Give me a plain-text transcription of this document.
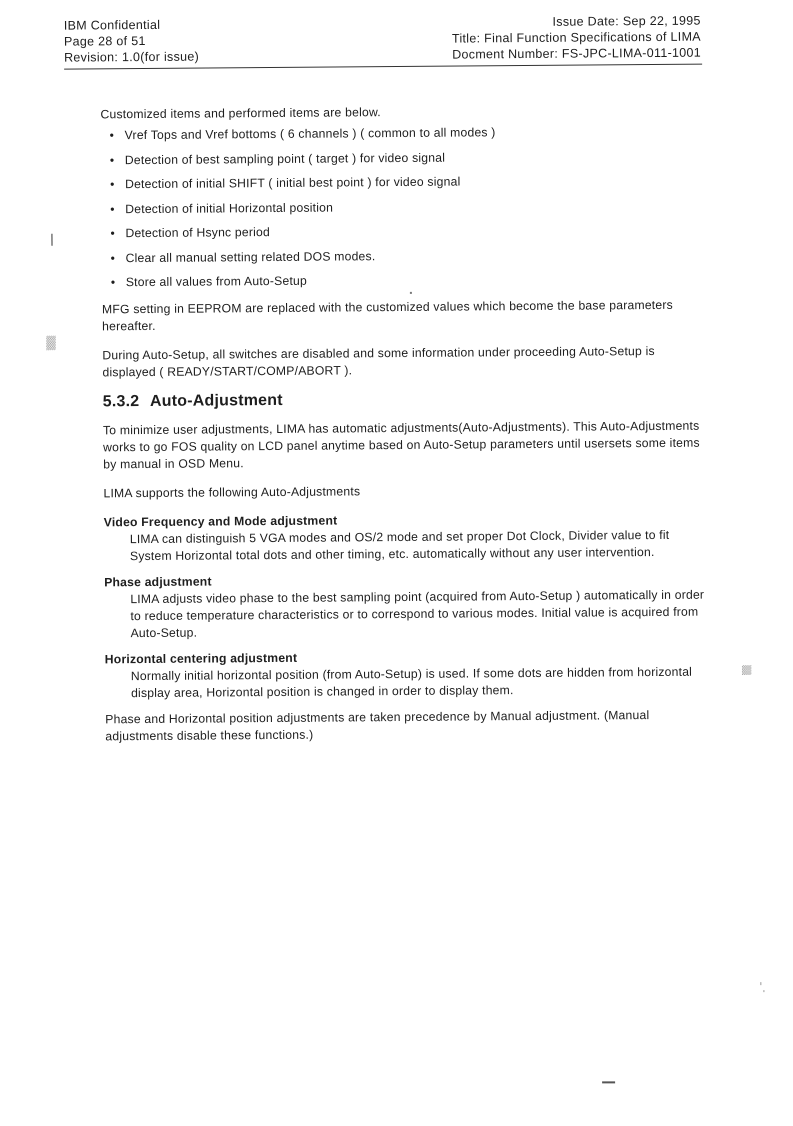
IBM Confidential
Page 28 of 51
Revision: 1.0(for issue)
Issue Date: Sep 22, 1995
Title: Final Function Specifications of LIMA
Docment Number: FS-JPC-LIMA-011-1001
▒▒▒
▒▒

Customized items and performed items are below.

• Vref Tops and Vref bottoms ( 6 channels ) ( common to all modes )
• Detection of best sampling point ( target ) for video signal
• Detection of initial SHIFT ( initial best point ) for video signal
• Detection of initial Horizontal position
• Detection of Hsync period
• Clear all manual setting related DOS modes.
• Store all values from Auto-Setup

MFG setting in EEPROM are replaced with the customized values which become the base parameters hereafter.

During Auto-Setup, all switches are disabled and some information under proceeding Auto-Setup is displayed ( READY/START/COMP/ABORT ).

5.3.2 Auto-Adjustment

To minimize user adjustments, LIMA has automatic adjustments(Auto-Adjustments). This Auto-Adjustments works to go FOS quality on LCD panel anytime based on Auto-Setup parameters until usersets some items by manual in OSD Menu.

LIMA supports the following Auto-Adjustments

Video Frequency and Mode adjustment

LIMA can distinguish 5 VGA modes and OS/2 mode and set proper Dot Clock, Divider value to fit System Horizontal total dots and other timing, etc. automatically without any user intervention.

Phase adjustment

LIMA adjusts video phase to the best sampling point (acquired from Auto-Setup ) automatically in order to reduce temperature characteristics or to correspond to various modes. Initial value is acquired from Auto-Setup.

Horizontal centering adjustment

Normally initial horizontal position (from Auto-Setup) is used. If some dots are hidden from horizontal display area, Horizontal position is changed in order to display them.

Phase and Horizontal position adjustments are taken precedence by Manual adjustment. (Manual adjustments disable these functions.)
